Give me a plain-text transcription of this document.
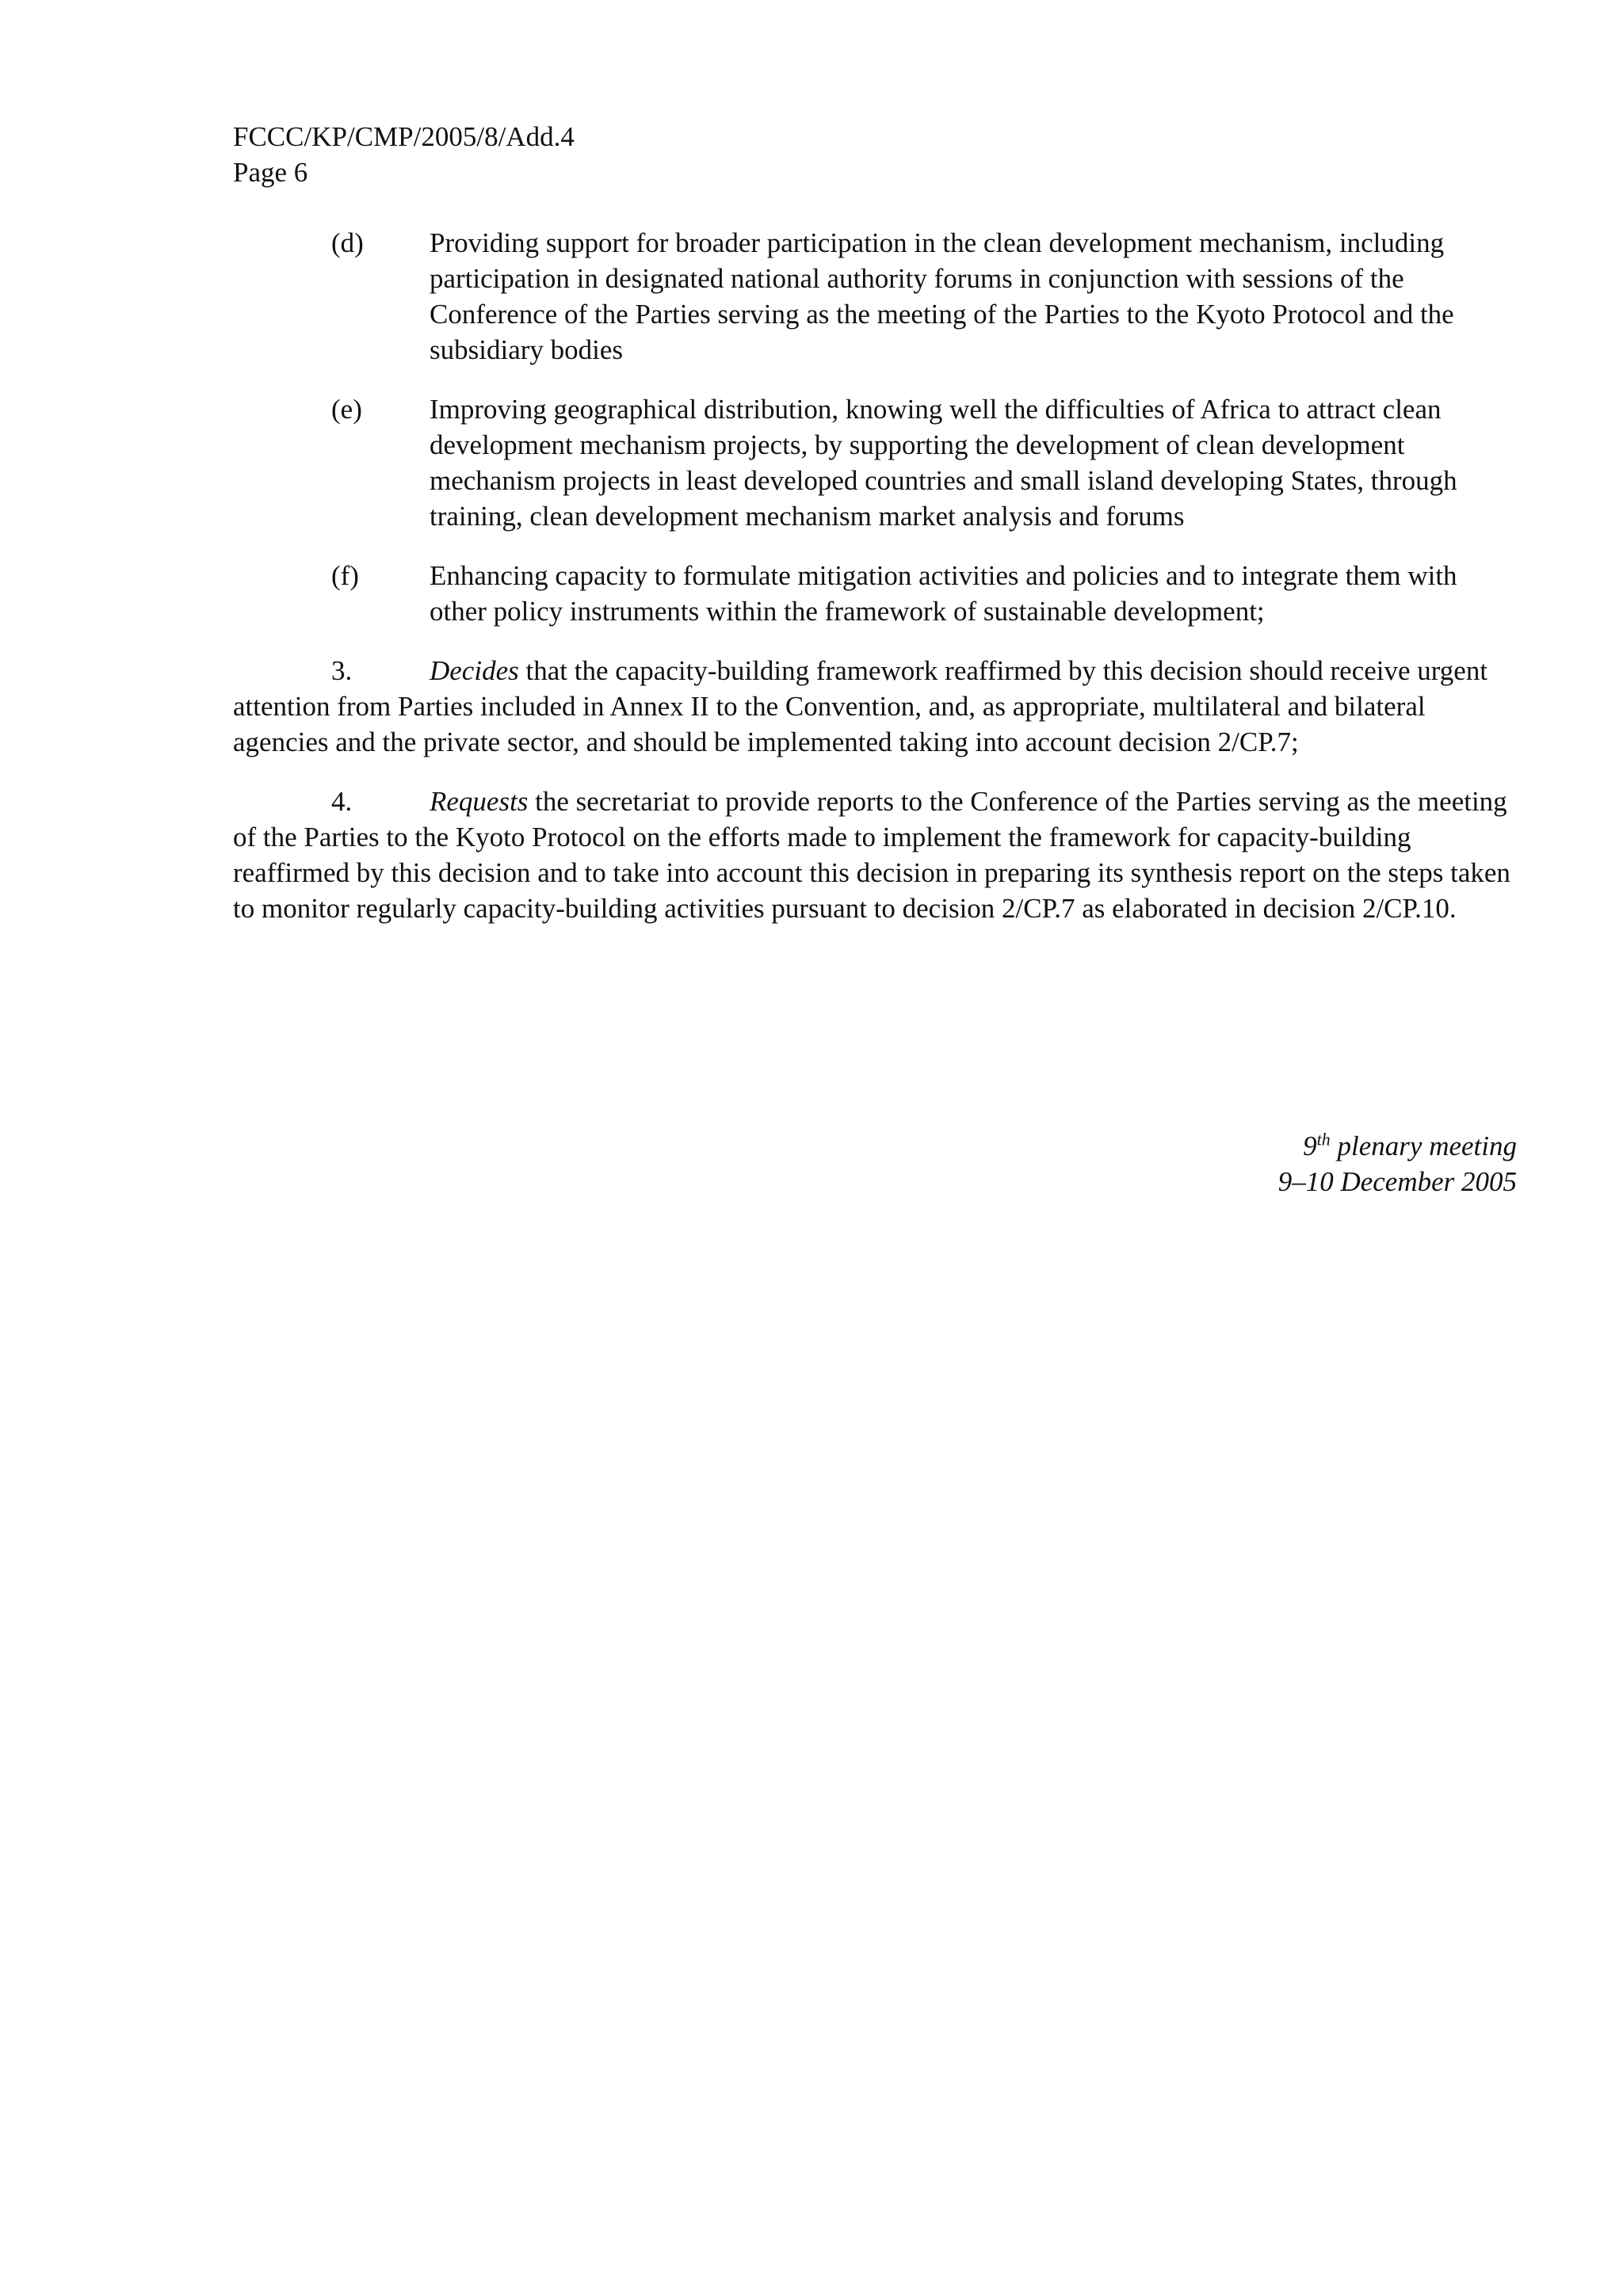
FCCC/KP/CMP/2005/8/Add.4
Page 6
(d)	Providing support for broader participation in the clean development mechanism, including participation in designated national authority forums in conjunction with sessions of the Conference of the Parties serving as the meeting of the Parties to the Kyoto Protocol and the subsidiary bodies
(e)	Improving geographical distribution, knowing well the difficulties of Africa to attract clean development mechanism projects, by supporting the development of clean development mechanism projects in least developed countries and small island developing States, through training, clean development mechanism market analysis and forums
(f)	Enhancing capacity to formulate mitigation activities and policies and to integrate them with other policy instruments within the framework of sustainable development;
3.	Decides that the capacity-building framework reaffirmed by this decision should receive urgent attention from Parties included in Annex II to the Convention, and, as appropriate, multilateral and bilateral agencies and the private sector, and should be implemented taking into account decision 2/CP.7;
4.	Requests the secretariat to provide reports to the Conference of the Parties serving as the meeting of the Parties to the Kyoto Protocol on the efforts made to implement the framework for capacity-building reaffirmed by this decision and to take into account this decision in preparing its synthesis report on the steps taken to monitor regularly capacity-building activities pursuant to decision 2/CP.7 as elaborated in decision 2/CP.10.
9th plenary meeting
9–10 December 2005
